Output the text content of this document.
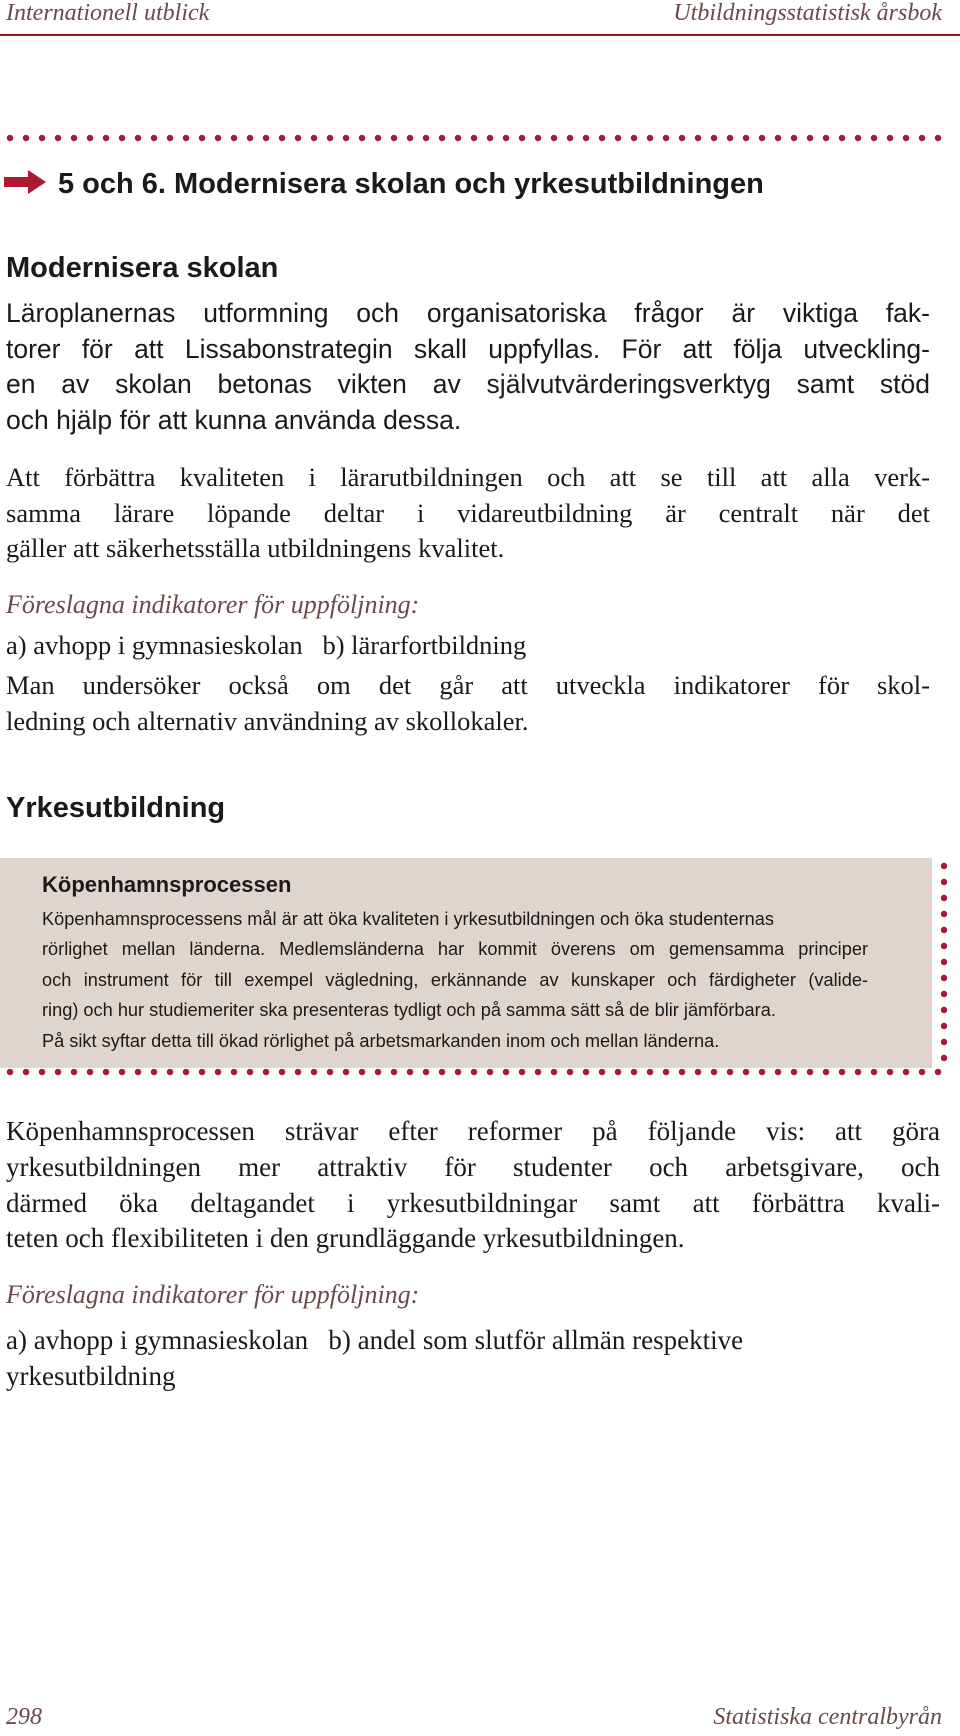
Internationell utblick	Utbildningsstatistisk årsbok
5 och 6. Modernisera skolan och yrkesutbildningen
Modernisera skolan
Läroplanernas utformning och organisatoriska frågor är viktiga fak-
torer för att Lissabonstrategin skall uppfyllas. För att följa utveckling-
en av skolan betonas vikten av självutvärderingsverktyg samt stöd
och hjälp för att kunna använda dessa.
Att förbättra kvaliteten i lärarutbildningen och att se till att alla verk-
samma lärare löpande deltar i vidareutbildning är centralt när det
gäller att säkerhetsställa utbildningens kvalitet.
Föreslagna indikatorer för uppföljning:
a) avhopp i gymnasieskolan   b) lärarfortbildning
Man undersöker också om det går att utveckla indikatorer för skol-
ledning och alternativ användning av skollokaler.
Yrkesutbildning
Köpenhamnsprocessen
Köpenhamnsprocessens mål är att öka kvaliteten i yrkesutbildningen och öka studenternas
rörlighet mellan länderna. Medlemsländerna har kommit överens om gemensamma principer
och instrument för till exempel vägledning, erkännande av kunskaper och färdigheter (valide-
ring) och hur studiemeriter ska presenteras tydligt och på samma sätt så de blir jämförbara.
På sikt syftar detta till ökad rörlighet på arbetsmarkanden inom och mellan länderna.
Köpenhamnsprocessen strävar efter reformer på följande vis: att göra
yrkesutbildningen mer attraktiv för studenter och arbetsgivare, och
därmed öka deltagandet i yrkesutbildningar samt att förbättra kvali-
teten och flexibiliteten i den grundläggande yrkesutbildningen.
Föreslagna indikatorer för uppföljning:
a) avhopp i gymnasieskolan   b) andel som slutför allmän respektive
yrkesutbildning
298	Statistiska centralbyrån
